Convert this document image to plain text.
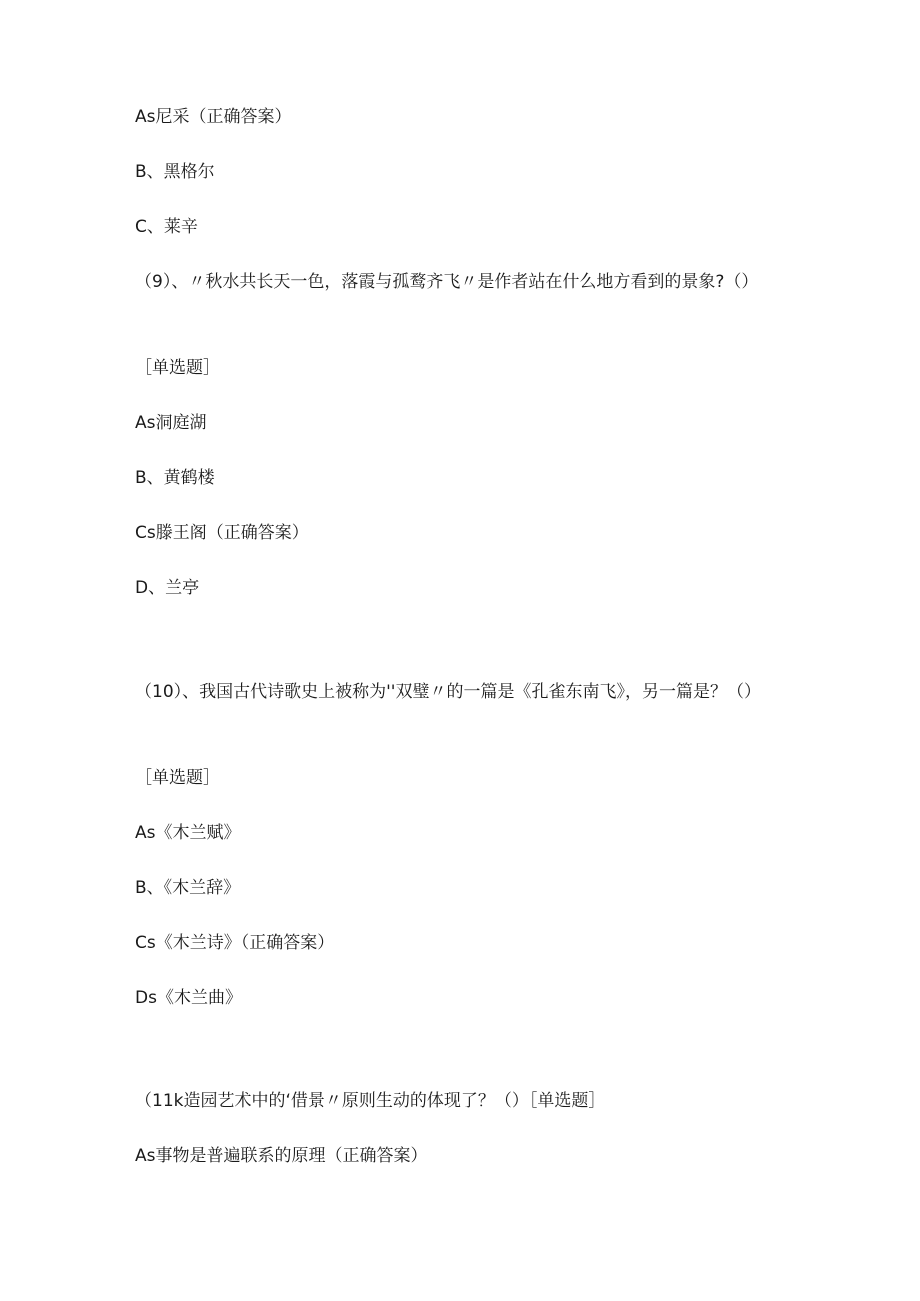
As尼采（正确答案）
B、黑格尔
C、莱辛
（9）、〃秋水共长天一色，落霞与孤鹜齐飞〃是作者站在什么地方看到的景象?（）
［单选题］
As洞庭湖
B、黄鹤楼
Cs滕王阁（正确答案）
D、兰亭
（10）、我国古代诗歌史上被称为''双璧〃的一篇是《孔雀东南飞》，另一篇是？（）
［单选题］
As《木兰赋》
B、《木兰辞》
Cs《木兰诗》（正确答案）
Ds《木兰曲》
（11k造园艺术中的‘借景〃原则生动的体现了？（）［单选题］
As事物是普遍联系的原理（正确答案）
